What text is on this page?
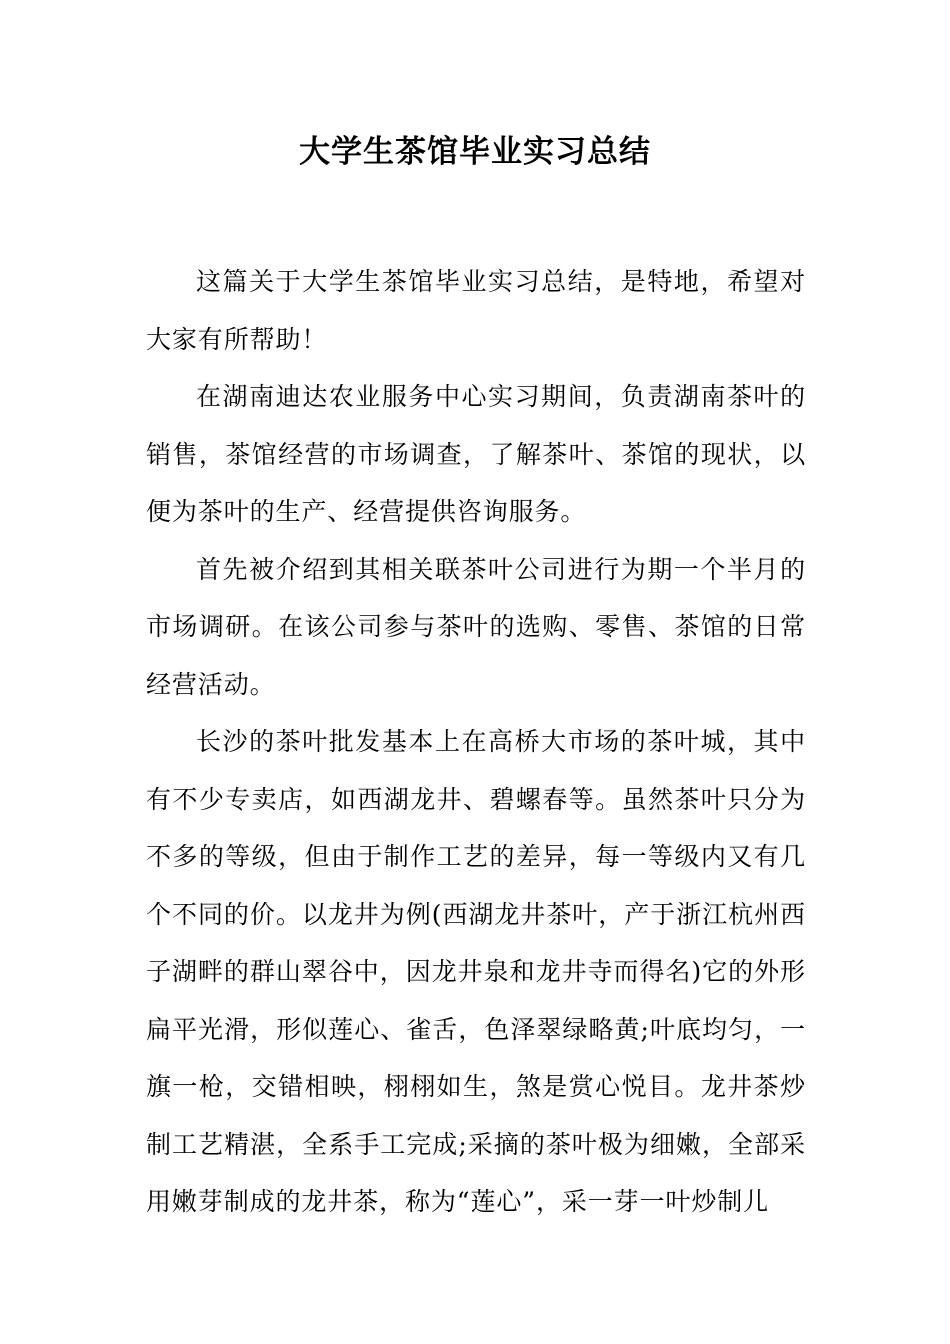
大学生茶馆毕业实习总结

这篇关于大学生茶馆毕业实习总结，是特地，希望对大家有所帮助！

在湖南迪达农业服务中心实习期间，负责湖南茶叶的销售，茶馆经营的市场调查，了解茶叶、茶馆的现状，以便为茶叶的生产、经营提供咨询服务。

首先被介绍到其相关联茶叶公司进行为期一个半月的市场调研。在该公司参与茶叶的选购、零售、茶馆的日常经营活动。

长沙的茶叶批发基本上在高桥大市场的茶叶城，其中有不少专卖店，如西湖龙井、碧螺春等。虽然茶叶只分为不多的等级，但由于制作工艺的差异，每一等级内又有几个不同的价。以龙井为例(西湖龙井茶叶，产于浙江杭州西子湖畔的群山翠谷中，因龙井泉和龙井寺而得名)它的外形扁平光滑，形似莲心、雀舌，色泽翠绿略黄;叶底均匀，一旗一枪，交错相映，栩栩如生，煞是赏心悦目。龙井茶炒制工艺精湛，全系手工完成;采摘的茶叶极为细嫩，全部采用嫩芽制成的龙井茶，称为“莲心”，采一芽一叶炒制儿
